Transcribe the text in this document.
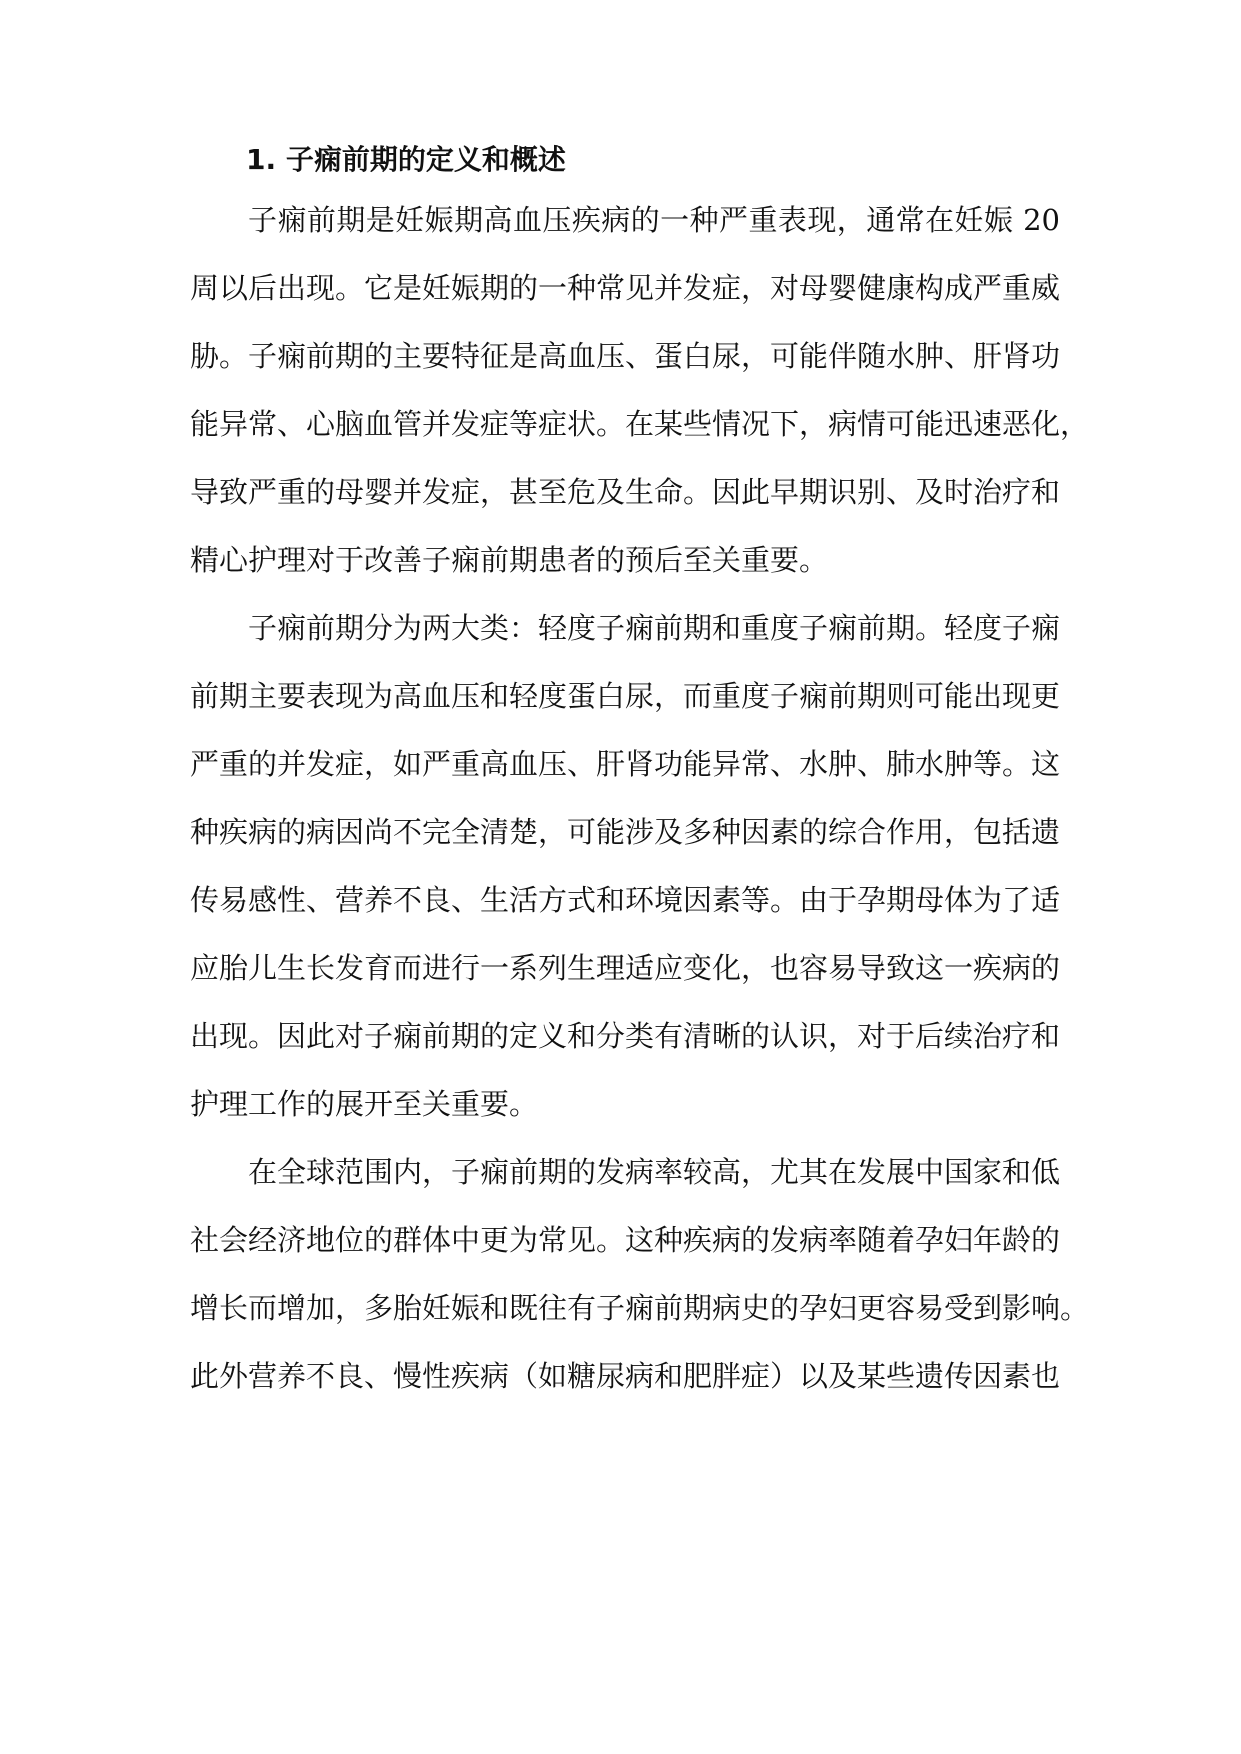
1. 子痫前期的定义和概述
子痫前期是妊娠期高血压疾病的一种严重表现，通常在妊娠 20
周以后出现。它是妊娠期的一种常见并发症，对母婴健康构成严重威
胁。子痫前期的主要特征是高血压、蛋白尿，可能伴随水肿、肝肾功
能异常、心脑血管并发症等症状。在某些情况下，病情可能迅速恶化，
导致严重的母婴并发症，甚至危及生命。因此早期识别、及时治疗和
精心护理对于改善子痫前期患者的预后至关重要。
子痫前期分为两大类：轻度子痫前期和重度子痫前期。轻度子痫
前期主要表现为高血压和轻度蛋白尿，而重度子痫前期则可能出现更
严重的并发症，如严重高血压、肝肾功能异常、水肿、肺水肿等。这
种疾病的病因尚不完全清楚，可能涉及多种因素的综合作用，包括遗
传易感性、营养不良、生活方式和环境因素等。由于孕期母体为了适
应胎儿生长发育而进行一系列生理适应变化，也容易导致这一疾病的
出现。因此对子痫前期的定义和分类有清晰的认识，对于后续治疗和
护理工作的展开至关重要。
在全球范围内，子痫前期的发病率较高，尤其在发展中国家和低
社会经济地位的群体中更为常见。这种疾病的发病率随着孕妇年龄的
增长而增加，多胎妊娠和既往有子痫前期病史的孕妇更容易受到影响。
此外营养不良、慢性疾病（如糖尿病和肥胖症）以及某些遗传因素也
